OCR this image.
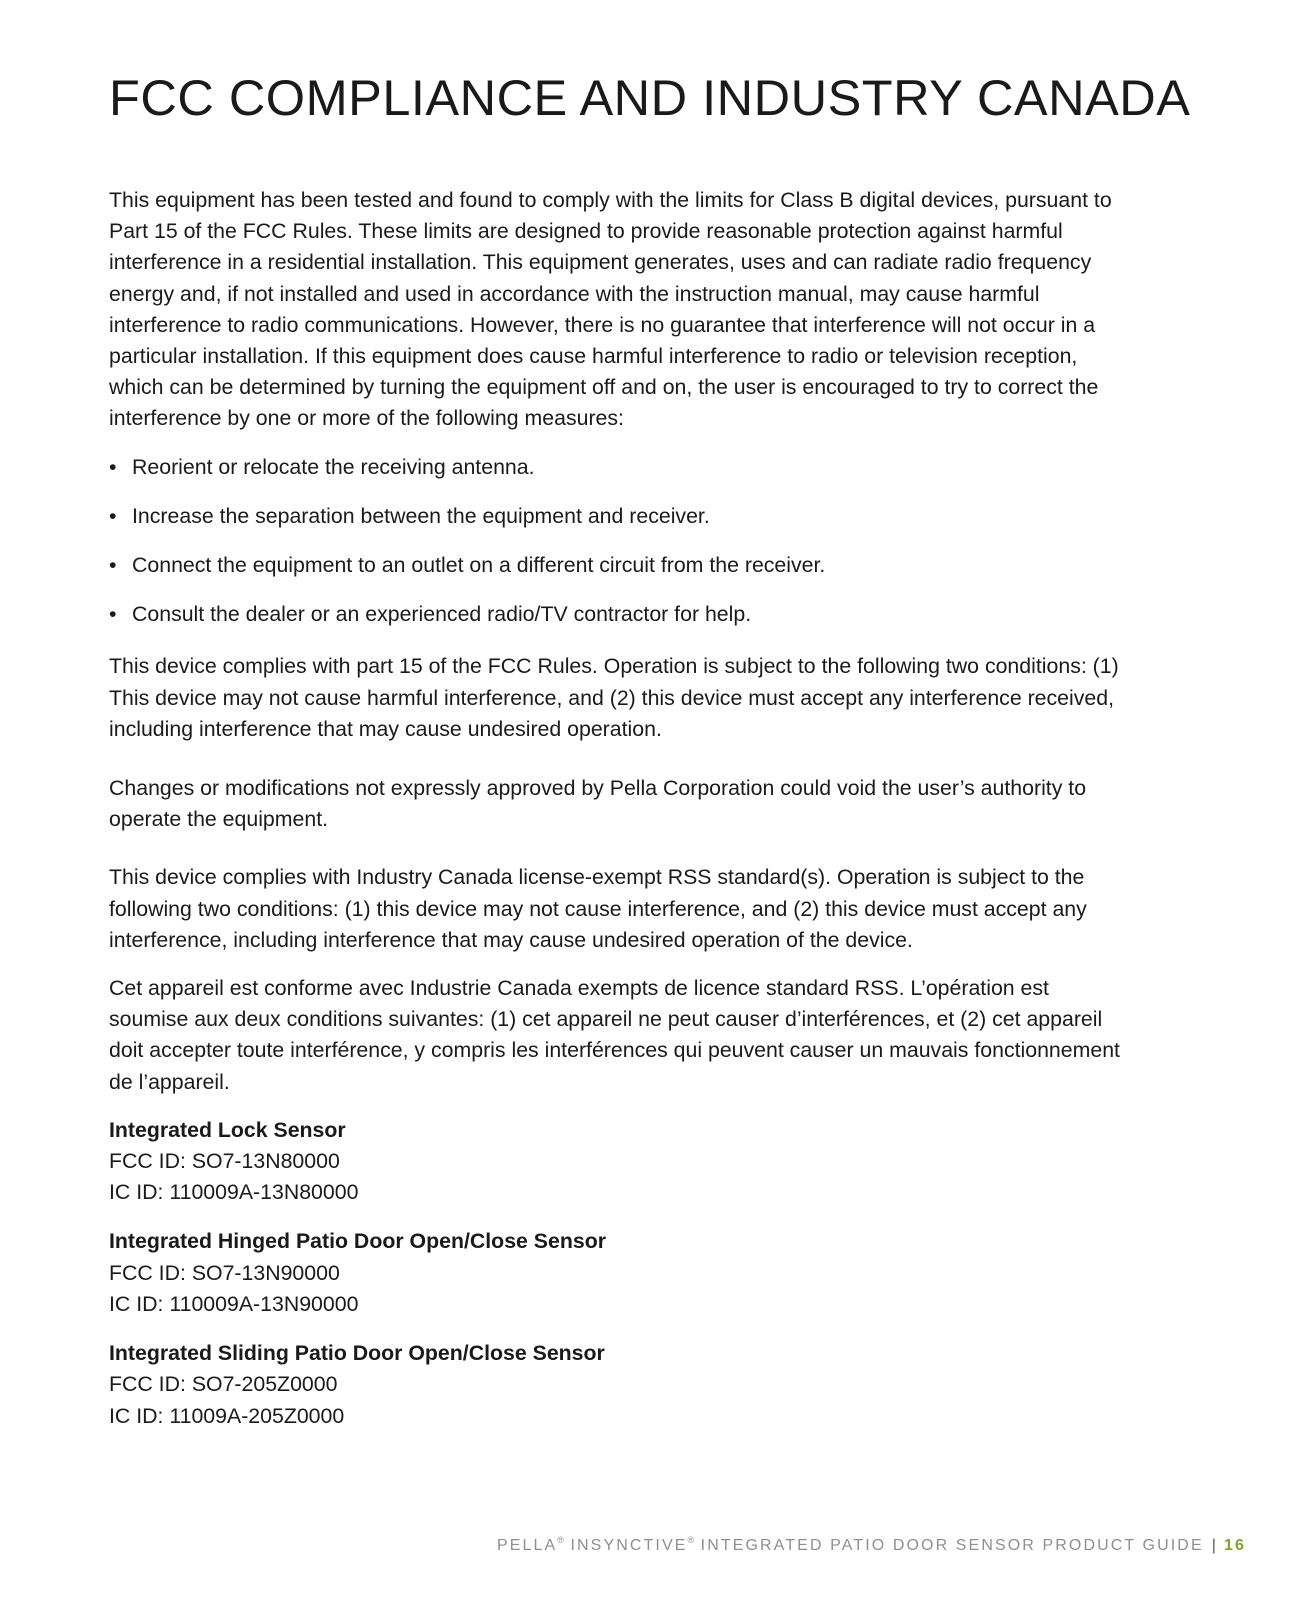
FCC COMPLIANCE AND INDUSTRY CANADA

This equipment has been tested and found to comply with the limits for Class B digital devices, pursuant to Part 15 of the FCC Rules. These limits are designed to provide reasonable protection against harmful interference in a residential installation. This equipment generates, uses and can radiate radio frequency energy and, if not installed and used in accordance with the instruction manual, may cause harmful interference to radio communications. However, there is no guarantee that interference will not occur in a particular installation. If this equipment does cause harmful interference to radio or television reception, which can be determined by turning the equipment off and on, the user is encouraged to try to correct the interference by one or more of the following measures:

• Reorient or relocate the receiving antenna.
• Increase the separation between the equipment and receiver.
• Connect the equipment to an outlet on a different circuit from the receiver.
• Consult the dealer or an experienced radio/TV contractor for help.

This device complies with part 15 of the FCC Rules. Operation is subject to the following two conditions: (1) This device may not cause harmful interference, and (2) this device must accept any interference received, including interference that may cause undesired operation.

Changes or modifications not expressly approved by Pella Corporation could void the user’s authority to operate the equipment.

This device complies with Industry Canada license-exempt RSS standard(s). Operation is subject to the following two conditions: (1) this device may not cause interference, and (2) this device must accept any interference, including interference that may cause undesired operation of the device.

Cet appareil est conforme avec Industrie Canada exempts de licence standard RSS. L’opération est soumise aux deux conditions suivantes: (1) cet appareil ne peut causer d’interférences, et (2) cet appareil doit accepter toute interférence, y compris les interférences qui peuvent causer un mauvais fonctionnement de l’appareil.

Integrated Lock Sensor
FCC ID: SO7-13N80000
IC ID: 110009A-13N80000
Integrated Hinged Patio Door Open/Close Sensor
FCC ID: SO7-13N90000
IC ID: 110009A-13N90000
Integrated Sliding Patio Door Open/Close Sensor
FCC ID: SO7-205Z0000
IC ID: 11009A-205Z0000
PELLA® INSYNCTIVE® INTEGRATED PATIO DOOR SENSOR PRODUCT GUIDE | 16
